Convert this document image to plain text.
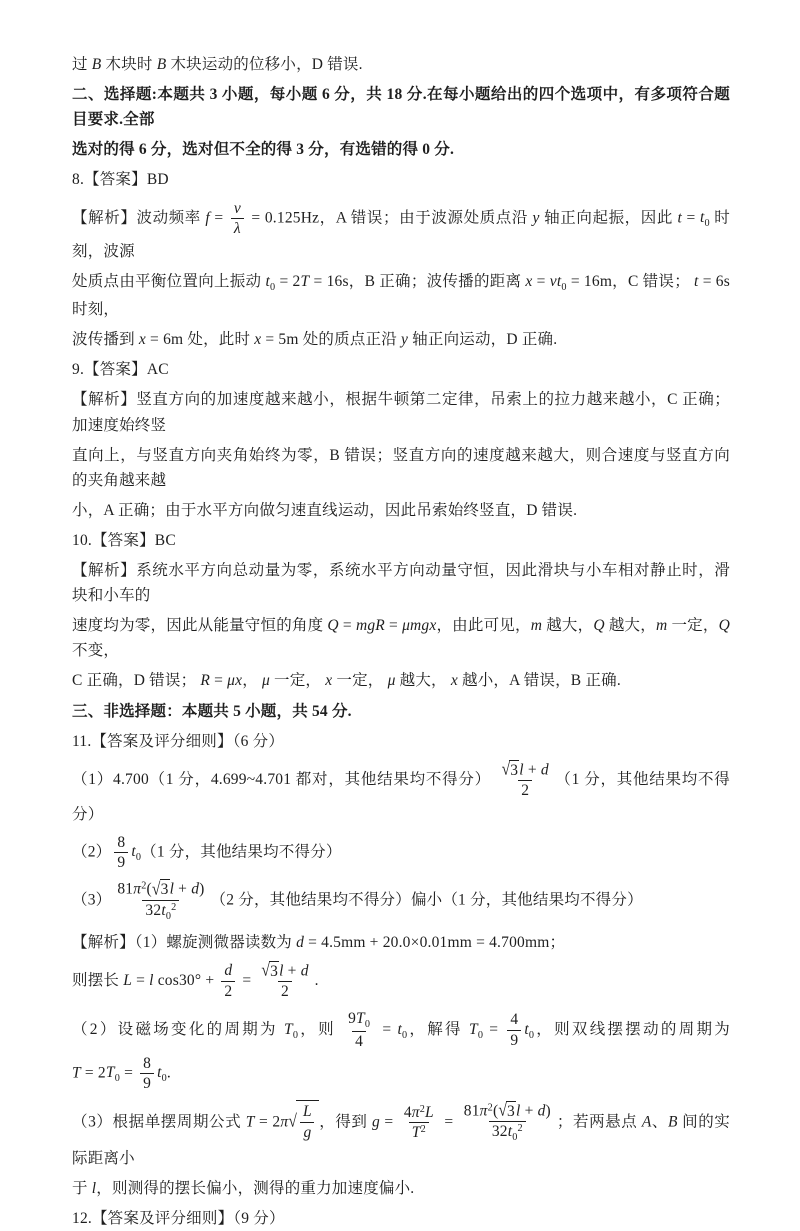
过 B 木块时 B 木块运动的位移小，D 错误.

二、选择题:本题共 3 小题，每小题 6 分，共 18 分.在每小题给出的四个选项中，有多项符合题目要求.全部

选对的得 6 分，选对但不全的得 3 分，有选错的得 0 分.

8.【答案】BD

【解析】波动频率 $f = \frac{v}{\lambda} = 0.125Hz$，A 错误；由于波源处质点沿 y 轴正向起振，因此 $t = t_0$ 时刻，波源

处质点由平衡位置向上振动 $t_0 = 2T = 16s$，B 正确；波传播的距离 $x = vt_0 = 16m$，C 错误； t = 6s 时刻，

波传播到 x = 6m 处，此时 x = 5m 处的质点正沿 y 轴正向运动，D 正确.

9.【答案】AC

【解析】竖直方向的加速度越来越小，根据牛顿第二定律，吊索上的拉力越来越小，C 正确；加速度始终竖

直向上，与竖直方向夹角始终为零，B 错误；竖直方向的速度越来越大，则合速度与竖直方向的夹角越来越

小，A 正确；由于水平方向做匀速直线运动，因此吊索始终竖直，D 错误.

10.【答案】BC

【解析】系统水平方向总动量为零，系统水平方向动量守恒，因此滑块与小车相对静止时，滑块和小车的

速度均为零，因此从能量守恒的角度 Q = mgR = μmgx，由此可见，m 越大，Q 越大，m 一定，Q 不变，

C 正确，D 错误； R = μx， μ 一定， x 一定， μ 越大， x 越小，A 错误，B 正确.

三、非选择题：本题共 5 小题，共 54 分.

11.【答案及评分细则】（6 分）

（1）4.700（1 分，4.699~4.701 都对，其他结果均不得分） $\frac{√ 3 l + d}{2} (1$ 分，其他结果均不得分）

$(2) \frac{8}{9} t_0(1$ 分，其他结果均不得分）

$(3) \frac{81\pi^2( √ 3 l + d)}{32t_0^2} (2$ 分，其他结果均不得分）偏小（1 分，其他结果均不得分）

【解析】（1）螺旋测微器读数为 d = 4.5mm + 20.0×0.01mm = 4.700mm；

则摆长 L = l $\cos 30^\circ + \frac{d}{2} = \frac{√ 3 l + d}{2}$ .

（2）设磁场变化的周期为 $T_0$，则 $\frac{9T_0}{4} = t_0$，解得 $T_0 = \frac{4}{9} t_0$，则双线摆摆动的周期为 $T = 2T_0 = \frac{8}{9} t_0$.

（3）根据单摆周期公式 T = 2π √ $\frac{L}{g}$ ，得到 $g = \frac{4\pi^2L}{T^2} = \frac{81\pi^2( √ 3 l + d)}{32t_0^2}$ ；若两悬点 A、B 间的实际距离小

于 l，则测得的摆长偏小，测得的重力加速度偏小.

12.【答案及评分细则】（9 分）
